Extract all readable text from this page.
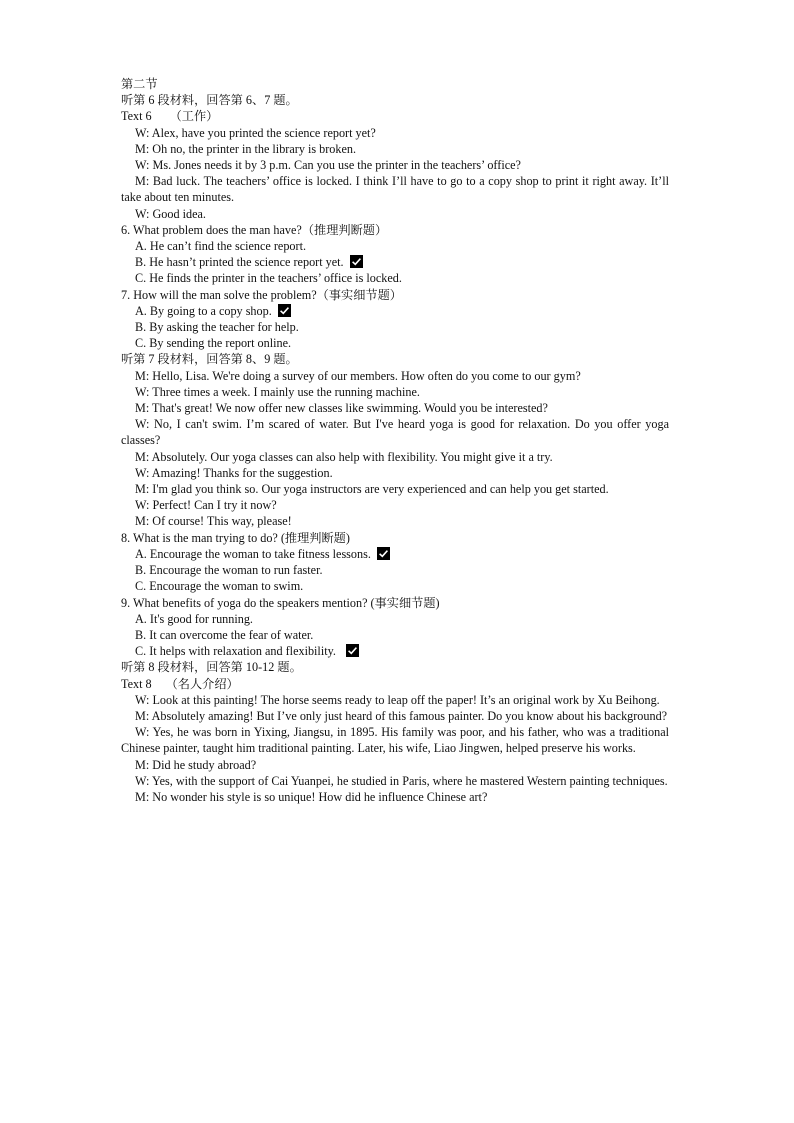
第二节
听第 6 段材料，回答第 6、7 题。
Text 6 （工作）
W: Alex, have you printed the science report yet?
M: Oh no, the printer in the library is broken.
W: Ms. Jones needs it by 3 p.m. Can you use the printer in the teachers’ office?
M: Bad luck. The teachers’ office is locked. I think I’ll have to go to a copy shop to print it right away. It’ll take about ten minutes.
W: Good idea.
6. What problem does the man have?（推理判断题）
A. He can’t find the science report.
B. He hasn’t printed the science report yet.
C. He finds the printer in the teachers’ office is locked.
7. How will the man solve the problem?（事实细节题）
A. By going to a copy shop.
B. By asking the teacher for help.
C. By sending the report online.
听第 7 段材料，回答第 8、9 题。
M: Hello, Lisa. We're doing a survey of our members. How often do you come to our gym?
W: Three times a week. I mainly use the running machine.
M: That's great! We now offer new classes like swimming. Would you be interested?
W: No, I can't swim. I’m scared of water. But I've heard yoga is good for relaxation. Do you offer yoga classes?
M: Absolutely. Our yoga classes can also help with flexibility. You might give it a try.
W: Amazing! Thanks for the suggestion.
M: I'm glad you think so. Our yoga instructors are very experienced and can help you get started.
W: Perfect! Can I try it now?
M: Of course! This way, please!
8. What is the man trying to do? (推理判断题)
A. Encourage the woman to take fitness lessons.
B. Encourage the woman to run faster.
C. Encourage the woman to swim.
9. What benefits of yoga do the speakers mention? (事实细节题)
A. It's good for running.
B. It can overcome the fear of water.
C. It helps with relaxation and flexibility.
听第 8 段材料，回答第 10-12 题。
Text 8 （名人介绍）
W: Look at this painting! The horse seems ready to leap off the paper! It’s an original work by Xu Beihong.
M: Absolutely amazing! But I’ve only just heard of this famous painter. Do you know about his background?
W: Yes, he was born in Yixing, Jiangsu, in 1895. His family was poor, and his father, who was a traditional Chinese painter, taught him traditional painting. Later, his wife, Liao Jingwen, helped preserve his works.
M: Did he study abroad?
W: Yes, with the support of Cai Yuanpei, he studied in Paris, where he mastered Western painting techniques.
M: No wonder his style is so unique! How did he influence Chinese art?
